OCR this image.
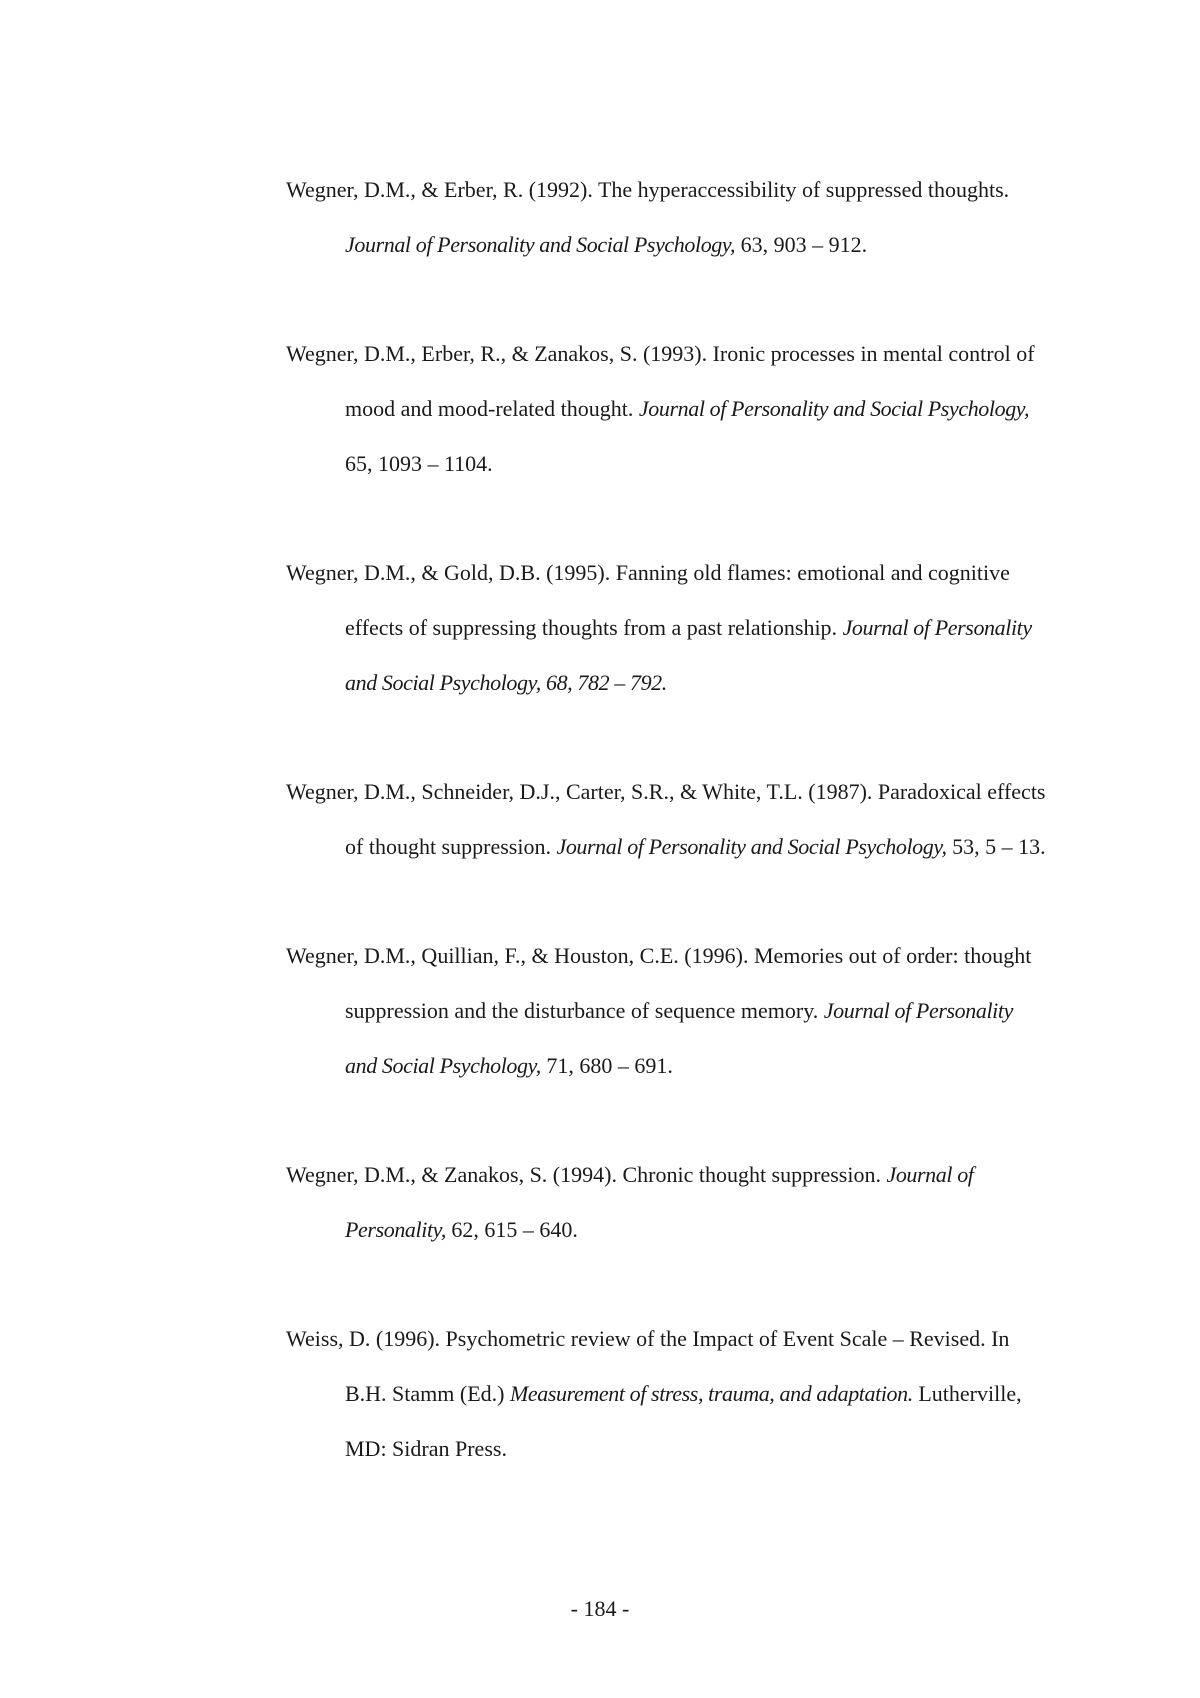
Wegner, D.M., & Erber, R. (1992). The hyperaccessibility of suppressed thoughts. Journal of Personality and Social Psychology, 63, 903 – 912.

Wegner, D.M., Erber, R., & Zanakos, S. (1993). Ironic processes in mental control of mood and mood-related thought. Journal of Personality and Social Psychology, 65, 1093 – 1104.

Wegner, D.M., & Gold, D.B. (1995). Fanning old flames: emotional and cognitive effects of suppressing thoughts from a past relationship. Journal of Personality and Social Psychology, 68, 782 – 792.

Wegner, D.M., Schneider, D.J., Carter, S.R., & White, T.L. (1987). Paradoxical effects of thought suppression. Journal of Personality and Social Psychology, 53, 5 – 13.

Wegner, D.M., Quillian, F., & Houston, C.E. (1996). Memories out of order: thought suppression and the disturbance of sequence memory. Journal of Personality and Social Psychology, 71, 680 – 691.

Wegner, D.M., & Zanakos, S. (1994). Chronic thought suppression. Journal of Personality, 62, 615 – 640.

Weiss, D. (1996). Psychometric review of the Impact of Event Scale – Revised. In B.H. Stamm (Ed.) Measurement of stress, trauma, and adaptation. Lutherville, MD: Sidran Press.

- 184 -
